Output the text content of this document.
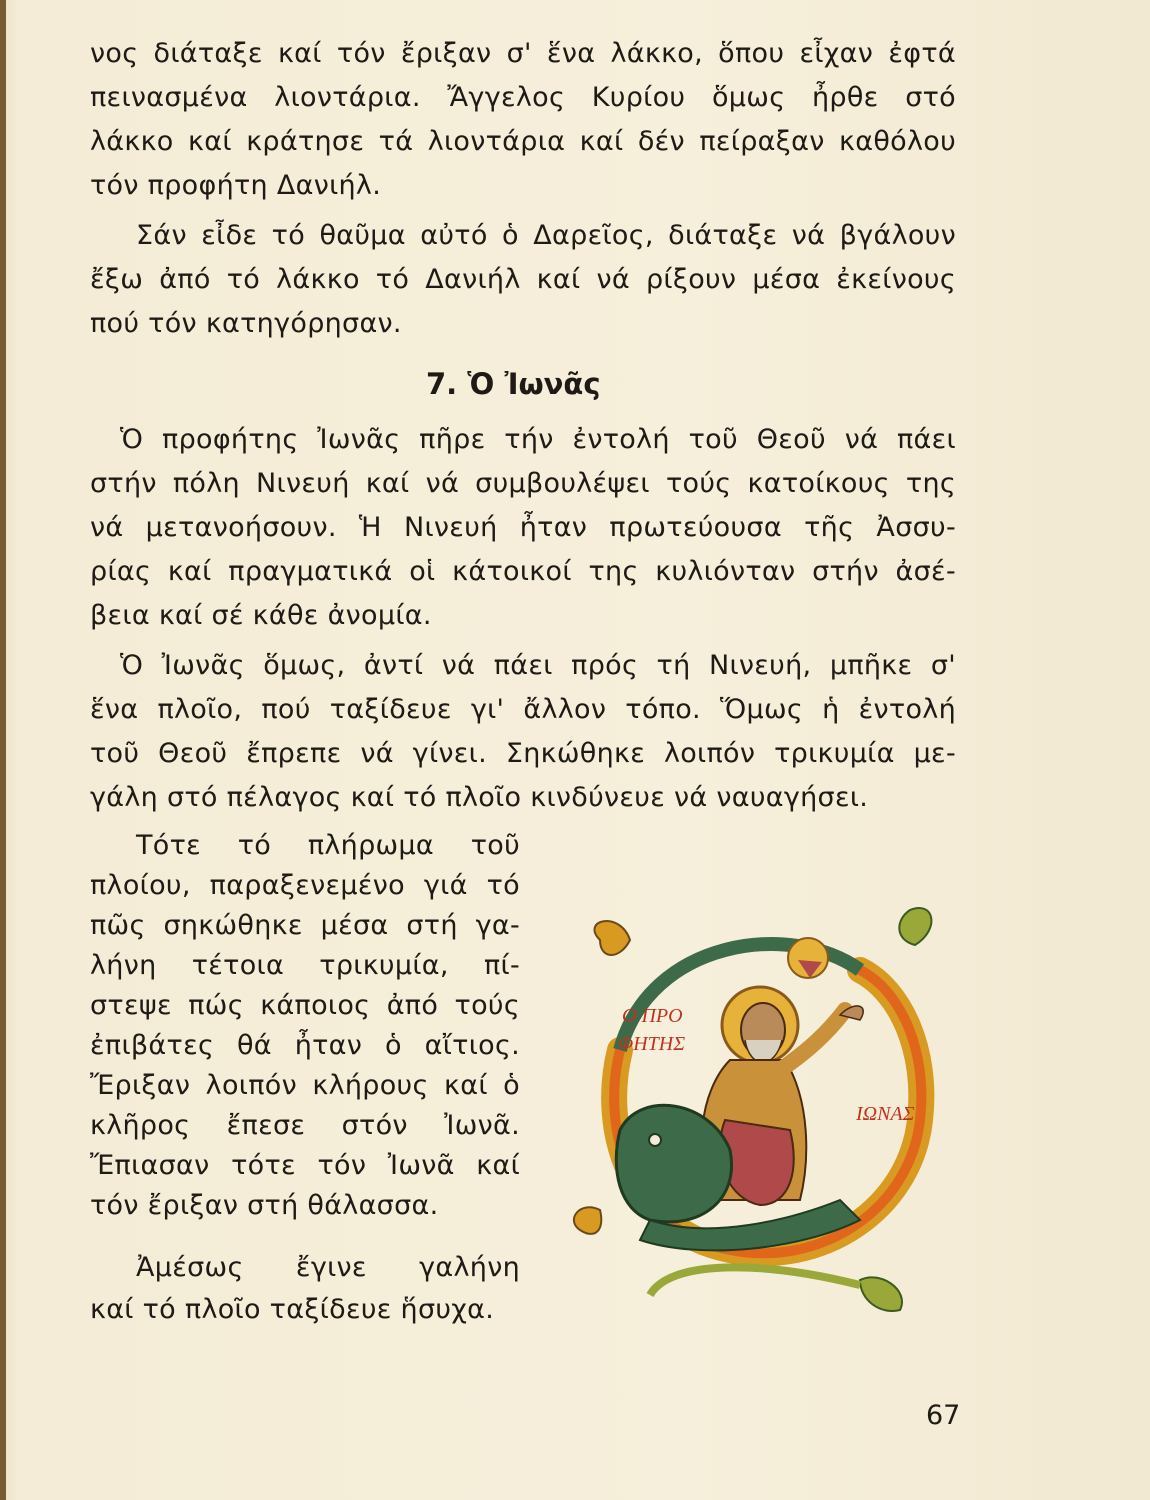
νος διάταξε καί τόν ἔριξαν σ' ἕνα λάκκο, ὅπου εἶχαν ἐφτά
πεινασμένα λιοντάρια. Ἄγγελος Κυρίου ὅμως ἦρθε στό
λάκκο καί κράτησε τά λιοντάρια καί δέν πείραξαν καθόλου
τόν προφήτη Δανιήλ.
Σάν εἶδε τό θαῦμα αὐτό ὁ Δαρεῖος, διάταξε νά βγάλουν
ἔξω ἀπό τό λάκκο τό Δανιήλ καί νά ρίξουν μέσα ἐκείνους
πού τόν κατηγόρησαν.
7. Ὁ Ἰωνᾶς
Ὁ προφήτης Ἰωνᾶς πῆρε τήν ἐντολή τοῦ Θεοῦ νά πάει
στήν πόλη Νινευή καί νά συμβουλέψει τούς κατοίκους της
νά μετανοήσουν. Ἡ Νινευή ἦταν πρωτεύουσα τῆς Ἀσσυ-
ρίας καί πραγματικά οἱ κάτοικοί της κυλιόνταν στήν ἀσέ-
βεια καί σέ κάθε ἀνομία.
Ὁ Ἰωνᾶς ὅμως, ἀντί νά πάει πρός τή Νινευή, μπῆκε σ'
ἕνα πλοῖο, πού ταξίδευε γι' ἄλλον τόπο. Ὅμως ἡ ἐντολή
τοῦ Θεοῦ ἔπρεπε νά γίνει. Σηκώθηκε λοιπόν τρικυμία με-
γάλη στό πέλαγος καί τό πλοῖο κινδύνευε νά ναυαγήσει.
Τότε τό πλήρωμα τοῦ
πλοίου, παραξενεμένο γιά τό
πῶς σηκώθηκε μέσα στή γα-
λήνη τέτοια τρικυμία, πί-
στεψε πώς κάποιος ἀπό τούς
ἐπιβάτες θά ἦταν ὁ αἴτιος.
Ἔριξαν λοιπόν κλήρους καί ὁ
κλῆρος ἔπεσε στόν Ἰωνᾶ.
Ἔπιασαν τότε τόν Ἰωνᾶ καί
τόν ἔριξαν στή θάλασσα.
Ἀμέσως ἔγινε γαλήνη
καί τό πλοῖο ταξίδευε ἥσυχα.
Ο ΠΡΟ
ΦΗΤΗΣ
ΙΩΝΑΣ
67
